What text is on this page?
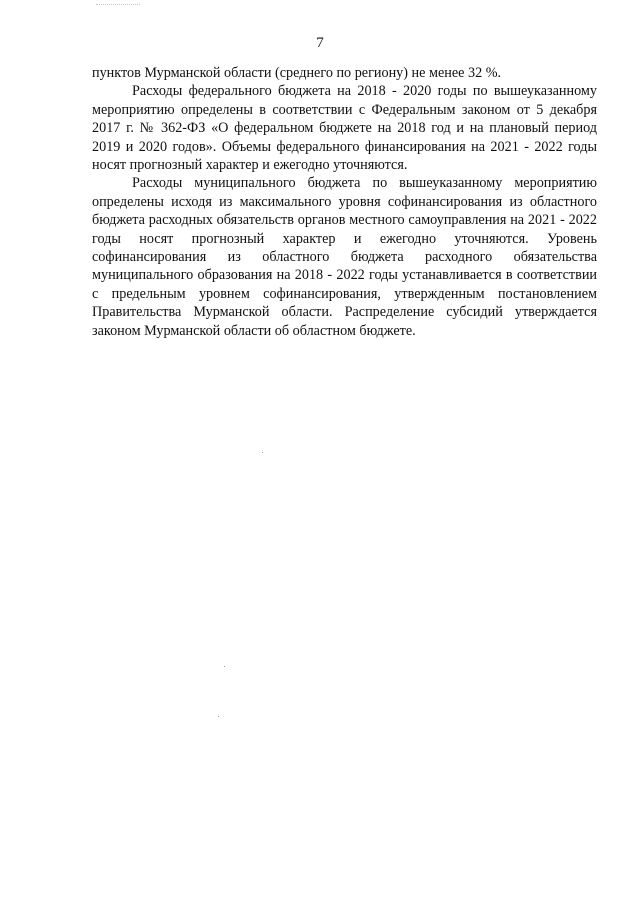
7

пунктов Мурманской области (среднего по региону) не менее 32 %.

Расходы федерального бюджета на 2018 - 2020 годы по вышеуказанному мероприятию определены в соответствии с Федеральным законом от 5 декабря 2017 г. № 362-ФЗ «О федеральном бюджете на 2018 год и на плановый период 2019 и 2020 годов». Объемы федерального финансирования на 2021 - 2022 годы носят прогнозный характер и ежегодно уточняются.

Расходы муниципального бюджета по вышеуказанному мероприятию определены исходя из максимального уровня софинансирования из областного бюджета расходных обязательств органов местного самоуправления на 2021 - 2022 годы носят прогнозный характер и ежегодно уточняются. Уровень софинансирования из областного бюджета расходного обязательства муниципального образования на 2018 - 2022 годы устанавливается в соответствии с предельным уровнем софинансирования, утвержденным постановлением Правительства Мурманской области. Распределение субсидий утверждается законом Мурманской области об областном бюджете.
